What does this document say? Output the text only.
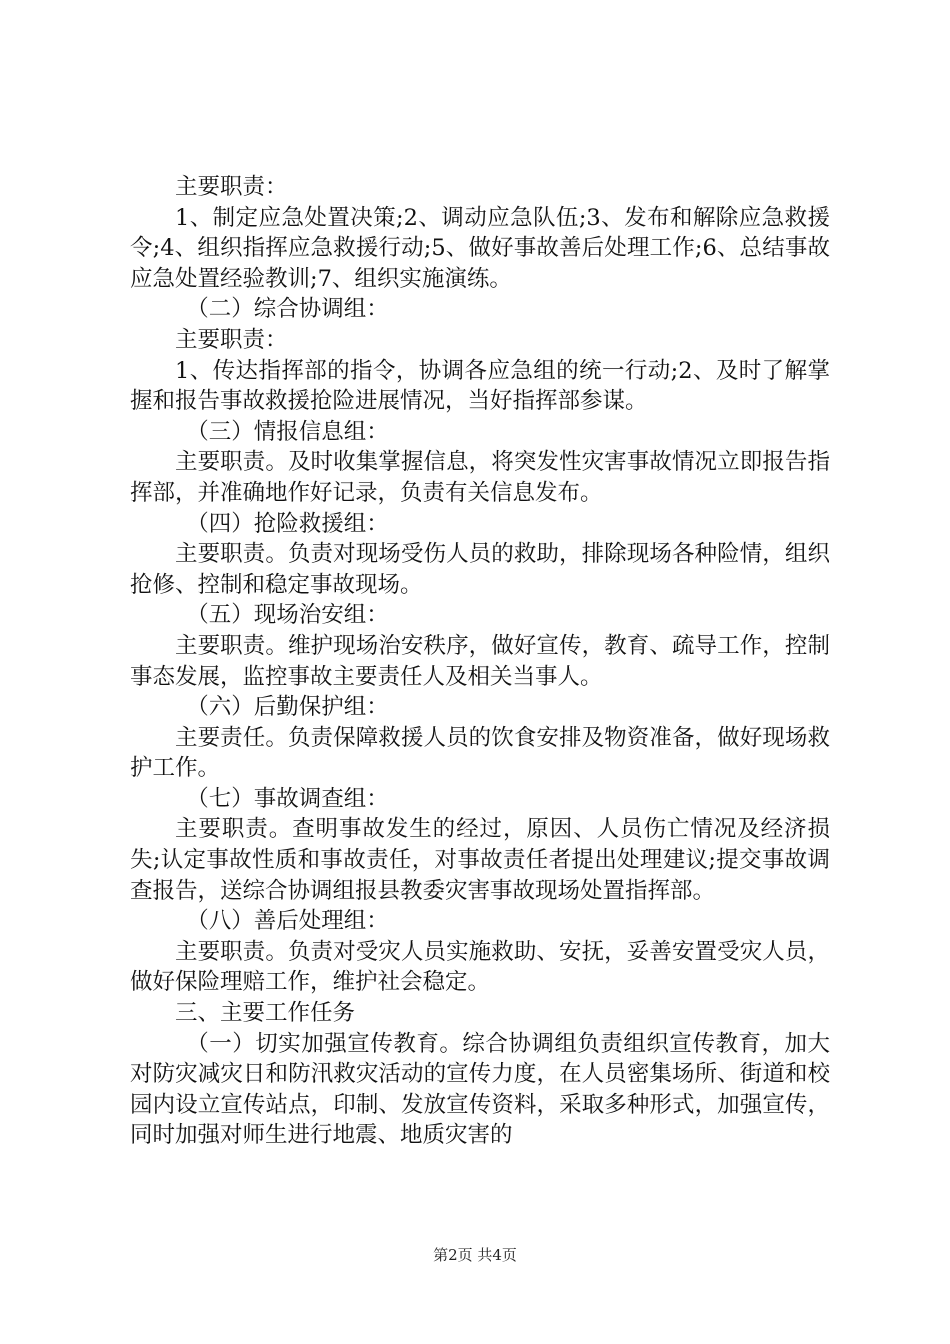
主要职责：

1、制定应急处置决策;2、调动应急队伍;3、发布和解除应急救援令;4、组织指挥应急救援行动;5、做好事故善后处理工作;6、总结事故应急处置经验教训;7、组织实施演练。

（二）综合协调组：

主要职责：

1、传达指挥部的指令，协调各应急组的统一行动;2、及时了解掌握和报告事故救援抢险进展情况，当好指挥部参谋。

（三）情报信息组：

主要职责。及时收集掌握信息，将突发性灾害事故情况立即报告指挥部，并准确地作好记录，负责有关信息发布。

（四）抢险救援组：

主要职责。负责对现场受伤人员的救助，排除现场各种险情，组织抢修、控制和稳定事故现场。

（五）现场治安组：

主要职责。维护现场治安秩序，做好宣传，教育、疏导工作，控制事态发展，监控事故主要责任人及相关当事人。

（六）后勤保护组：

主要责任。负责保障救援人员的饮食安排及物资准备，做好现场救护工作。

（七）事故调查组：

主要职责。查明事故发生的经过，原因、人员伤亡情况及经济损失;认定事故性质和事故责任，对事故责任者提出处理建议;提交事故调查报告，送综合协调组报县教委灾害事故现场处置指挥部。

（八）善后处理组：

主要职责。负责对受灾人员实施救助、安抚，妥善安置受灾人员，做好保险理赔工作，维护社会稳定。

三、主要工作任务

（一）切实加强宣传教育。综合协调组负责组织宣传教育，加大对防灾减灾日和防汛救灾活动的宣传力度，在人员密集场所、街道和校园内设立宣传站点，印制、发放宣传资料，采取多种形式，加强宣传，同时加强对师生进行地震、地质灾害的

第2页 共4页
